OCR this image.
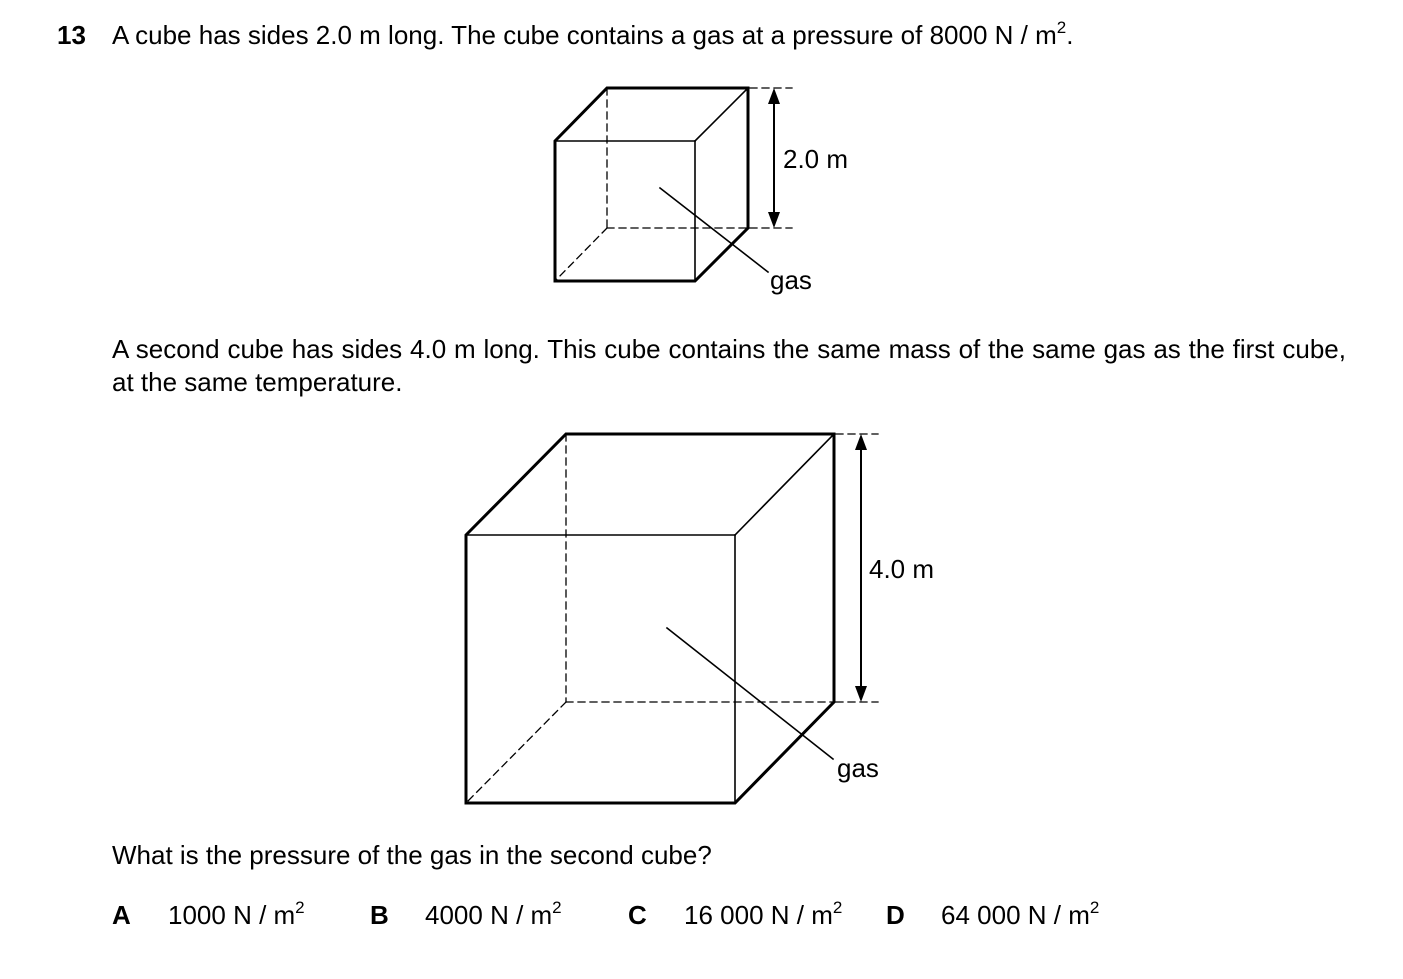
13 A cube has sides 2.0 m long. The cube contains a gas at a pressure of 8000 N / $m^2$.
2.0 m
gas
4.0 m
gas
A second cube has sides 4.0 m long. This cube contains the same mass of the same gas as the first cube, at the same temperature.
What is the pressure of the gas in the second cube?
A 1000 N / $m^2$	B 4000 N / $m^2$	C 16 000 N / $m^2$ D 64 000 N / $m^2$
